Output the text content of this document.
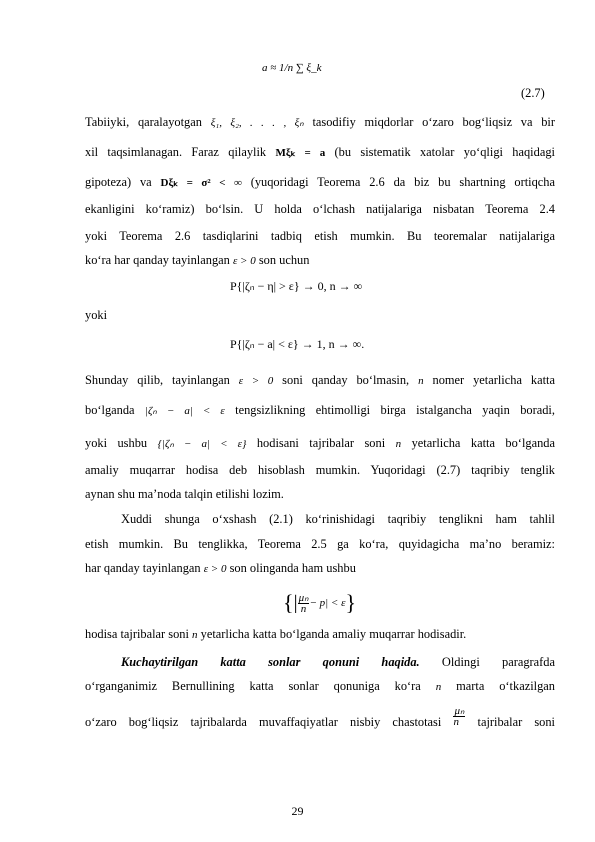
a ≈ 1/n ∑ ξ_k
(2.7)
Tabiiyki, qaralayotgan ξ₁, ξ₂, . . . , ξₙ tasodifiy miqdorlar o‘zaro bog‘liqsiz va bir
xil taqsimlanagan. Faraz qilaylik Mξₖ = a (bu sistematik xatolar yo‘qligi haqidagi
gipoteza) va Dξₖ = σ² < ∞ (yuqoridagi Teorema 2.6 da biz bu shartning ortiqcha
ekanligini ko‘ramiz) bo‘lsin. U holda o‘lchash natijalariga nisbatan Teorema 2.4
yoki Teorema 2.6 tasdiqlarini tadbiq etish mumkin. Bu teoremalar natijalariga
ko‘ra har qanday tayinlangan ε > 0 son uchun
P{|ζₙ − η| > ε} → 0, n → ∞
yoki
P{|ζₙ − a| < ε} → 1, n → ∞.
Shunday qilib, tayinlangan ε > 0 soni qanday bo‘lmasin, n nomer yetarlicha katta
bo‘lganda |ζₙ − a| < ε tengsizlikning ehtimolligi birga istalgancha yaqin boradi,
yoki ushbu {|ζₙ − a| < ε} hodisani tajribalar soni n yetarlicha katta bo‘lganda
amaliy muqarrar hodisa deb hisoblash mumkin. Yuqoridagi (2.7) taqribiy tenglik
aynan shu ma’noda talqin etilishi lozim.
Xuddi shunga o‘xshash (2.1) ko‘rinishidagi taqribiy tenglikni ham tahlil
etish mumkin. Bu tenglikka, Teorema 2.5 ga ko‘ra, quyidagicha ma’no beramiz:
har qanday tayinlangan ε > 0 son olinganda ham ushbu
{| $\frac{\text{μₙ}}{n} - p| < \varepsilon$}
hodisa tajribalar soni n yetarlicha katta bo‘lganda amaliy muqarrar hodisadir.
Kuchaytirilgan katta sonlar qonuni haqida. Oldingi paragrafda
o‘rganganimiz Bernullining katta sonlar qonuniga ko‘ra n marta o‘tkazilgan
o‘zaro bog‘liqsiz tajribalarda muvaffaqiyatlar nisbiy chastotasi $\frac{\text{μₙ}}{n}$ tajribalar soni
29
